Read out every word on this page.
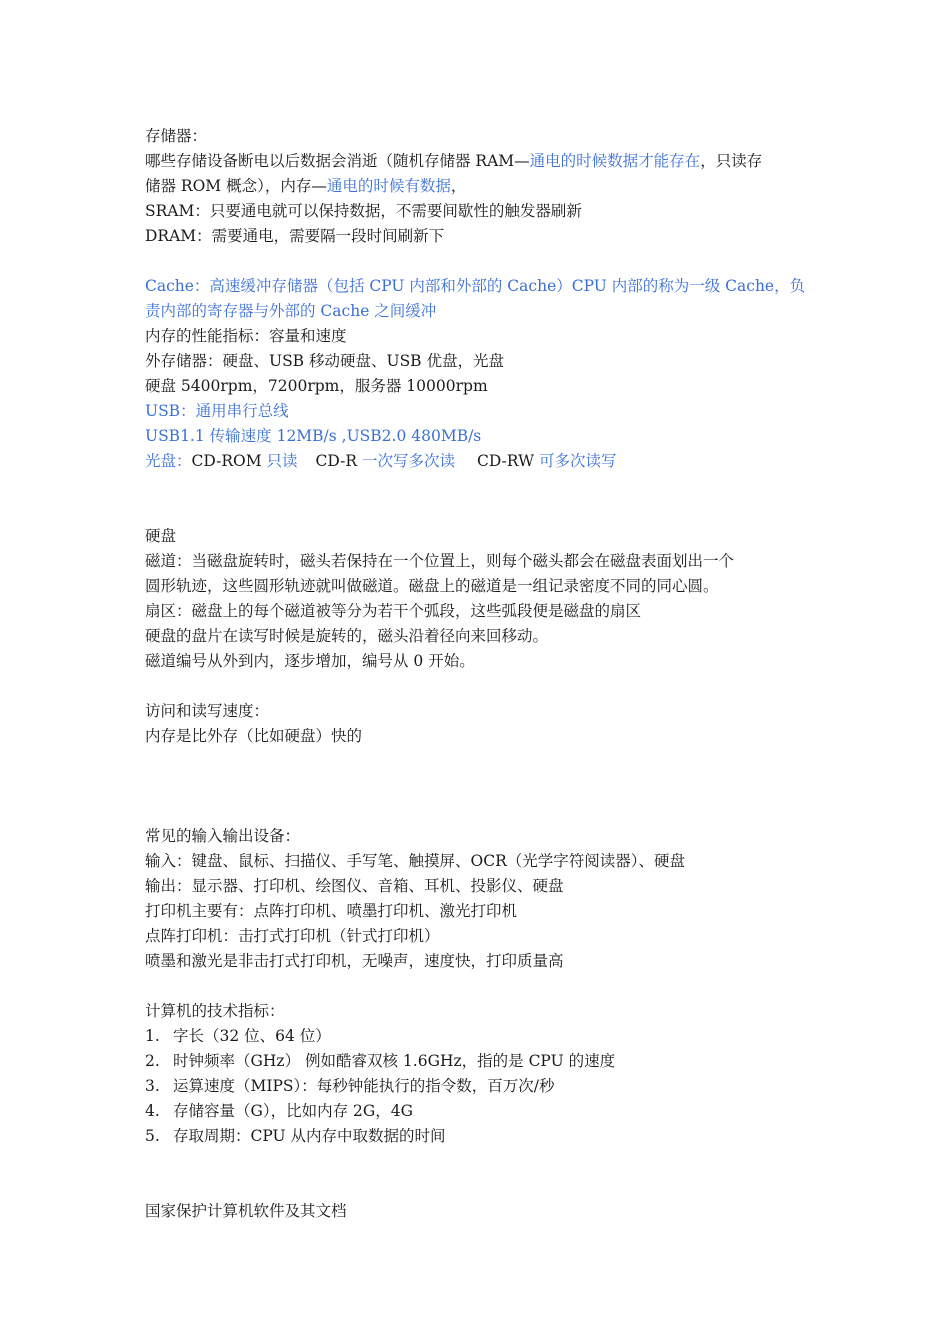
存储器：
哪些存储设备断电以后数据会消逝（随机存储器 RAM—通电的时候数据才能存在，只读存
储器 ROM 概念），内存—通电的时候有数据，
SRAM：只要通电就可以保持数据，不需要间歇性的触发器刷新
DRAM：需要通电，需要隔一段时间刷新下
Cache：高速缓冲存储器（包括 CPU 内部和外部的 Cache）CPU 内部的称为一级 Cache，负
责内部的寄存器与外部的 Cache 之间缓冲
内存的性能指标：容量和速度
外存储器：硬盘、USB 移动硬盘、USB 优盘，光盘
硬盘 5400rpm，7200rpm，服务器 10000rpm
USB：通用串行总线
USB1.1 传输速度 12MB/s ,USB2.0 480MB/s
光盘：CD-ROM 只读 CD-R 一次写多次读 CD-RW 可多次读写
硬盘
磁道：当磁盘旋转时，磁头若保持在一个位置上，则每个磁头都会在磁盘表面划出一个
圆形轨迹，这些圆形轨迹就叫做磁道。磁盘上的磁道是一组记录密度不同的同心圆。
扇区：磁盘上的每个磁道被等分为若干个弧段，这些弧段便是磁盘的扇区
硬盘的盘片在读写时候是旋转的，磁头沿着径向来回移动。
磁道编号从外到内，逐步增加，编号从 0 开始。
访问和读写速度：
内存是比外存（比如硬盘）快的
常见的输入输出设备：
输入：键盘、鼠标、扫描仪、手写笔、触摸屏、OCR（光学字符阅读器）、硬盘
输出：显示器、打印机、绘图仪、音箱、耳机、投影仪、硬盘
打印机主要有：点阵打印机、喷墨打印机、激光打印机
点阵打印机：击打式打印机（针式打印机）
喷墨和激光是非击打式打印机，无噪声，速度快，打印质量高
计算机的技术指标：
1. 字长（32 位、64 位）
2. 时钟频率（GHz） 例如酷睿双核 1.6GHz，指的是 CPU 的速度
3. 运算速度（MIPS）：每秒钟能执行的指令数，百万次/秒
4. 存储容量（G），比如内存 2G，4G
5. 存取周期：CPU 从内存中取数据的时间
国家保护计算机软件及其文档
